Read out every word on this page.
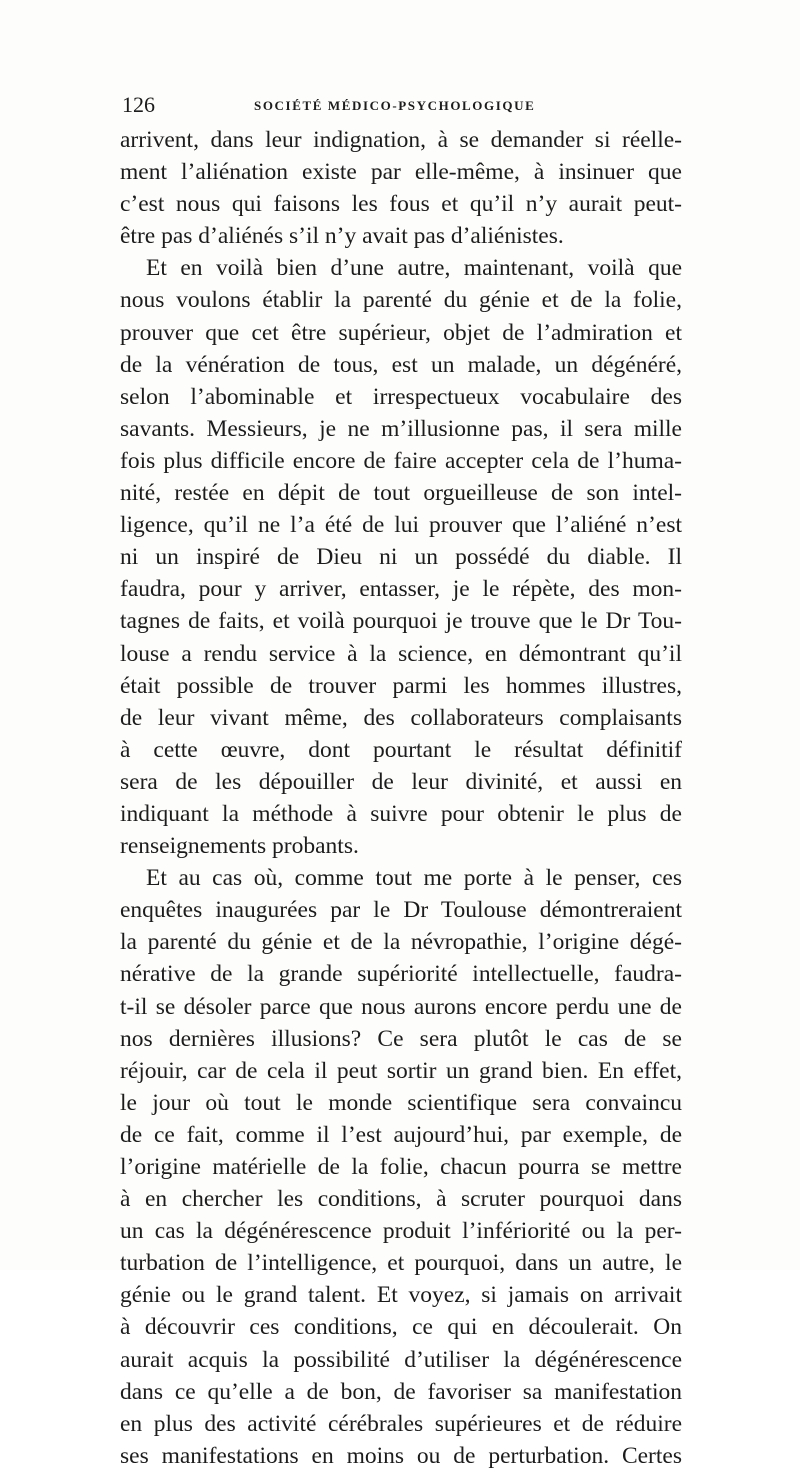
126	SOCIÉTÉ MÉDICO-PSYCHOLOGIQUE
arrivent, dans leur indignation, à se demander si réelle-
ment l’aliénation existe par elle-même, à insinuer que
c’est nous qui faisons les fous et qu’il n’y aurait peut-
être pas d’aliénés s’il n’y avait pas d’aliénistes.
Et en voilà bien d’une autre, maintenant, voilà que
nous voulons établir la parenté du génie et de la folie,
prouver que cet être supérieur, objet de l’admiration et
de la vénération de tous, est un malade, un dégénéré,
selon l’abominable et irrespectueux vocabulaire des
savants. Messieurs, je ne m’illusionne pas, il sera mille
fois plus difficile encore de faire accepter cela de l’huma-
nité, restée en dépit de tout orgueilleuse de son intel-
ligence, qu’il ne l’a été de lui prouver que l’aliéné n’est
ni un inspiré de Dieu ni un possédé du diable. Il
faudra, pour y arriver, entasser, je le répète, des mon-
tagnes de faits, et voilà pourquoi je trouve que le Dr Tou-
louse a rendu service à la science, en démontrant qu’il
était possible de trouver parmi les hommes illustres,
de leur vivant même, des collaborateurs complaisants
à cette œuvre, dont pourtant le résultat définitif
sera de les dépouiller de leur divinité, et aussi en
indiquant la méthode à suivre pour obtenir le plus de
renseignements probants.
Et au cas où, comme tout me porte à le penser, ces
enquêtes inaugurées par le Dr Toulouse démontreraient
la parenté du génie et de la névropathie, l’origine dégé-
nérative de la grande supériorité intellectuelle, faudra-
t-il se désoler parce que nous aurons encore perdu une de
nos dernières illusions? Ce sera plutôt le cas de se
réjouir, car de cela il peut sortir un grand bien. En effet,
le jour où tout le monde scientifique sera convaincu
de ce fait, comme il l’est aujourd’hui, par exemple, de
l’origine matérielle de la folie, chacun pourra se mettre
à en chercher les conditions, à scruter pourquoi dans
un cas la dégénérescence produit l’infériorité ou la per-
turbation de l’intelligence, et pourquoi, dans un autre, le
génie ou le grand talent. Et voyez, si jamais on arrivait
à découvrir ces conditions, ce qui en découlerait. On
aurait acquis la possibilité d’utiliser la dégénérescence
dans ce qu’elle a de bon, de favoriser sa manifestation
en plus des activité cérébrales supérieures et de réduire
ses manifestations en moins ou de perturbation. Certes
